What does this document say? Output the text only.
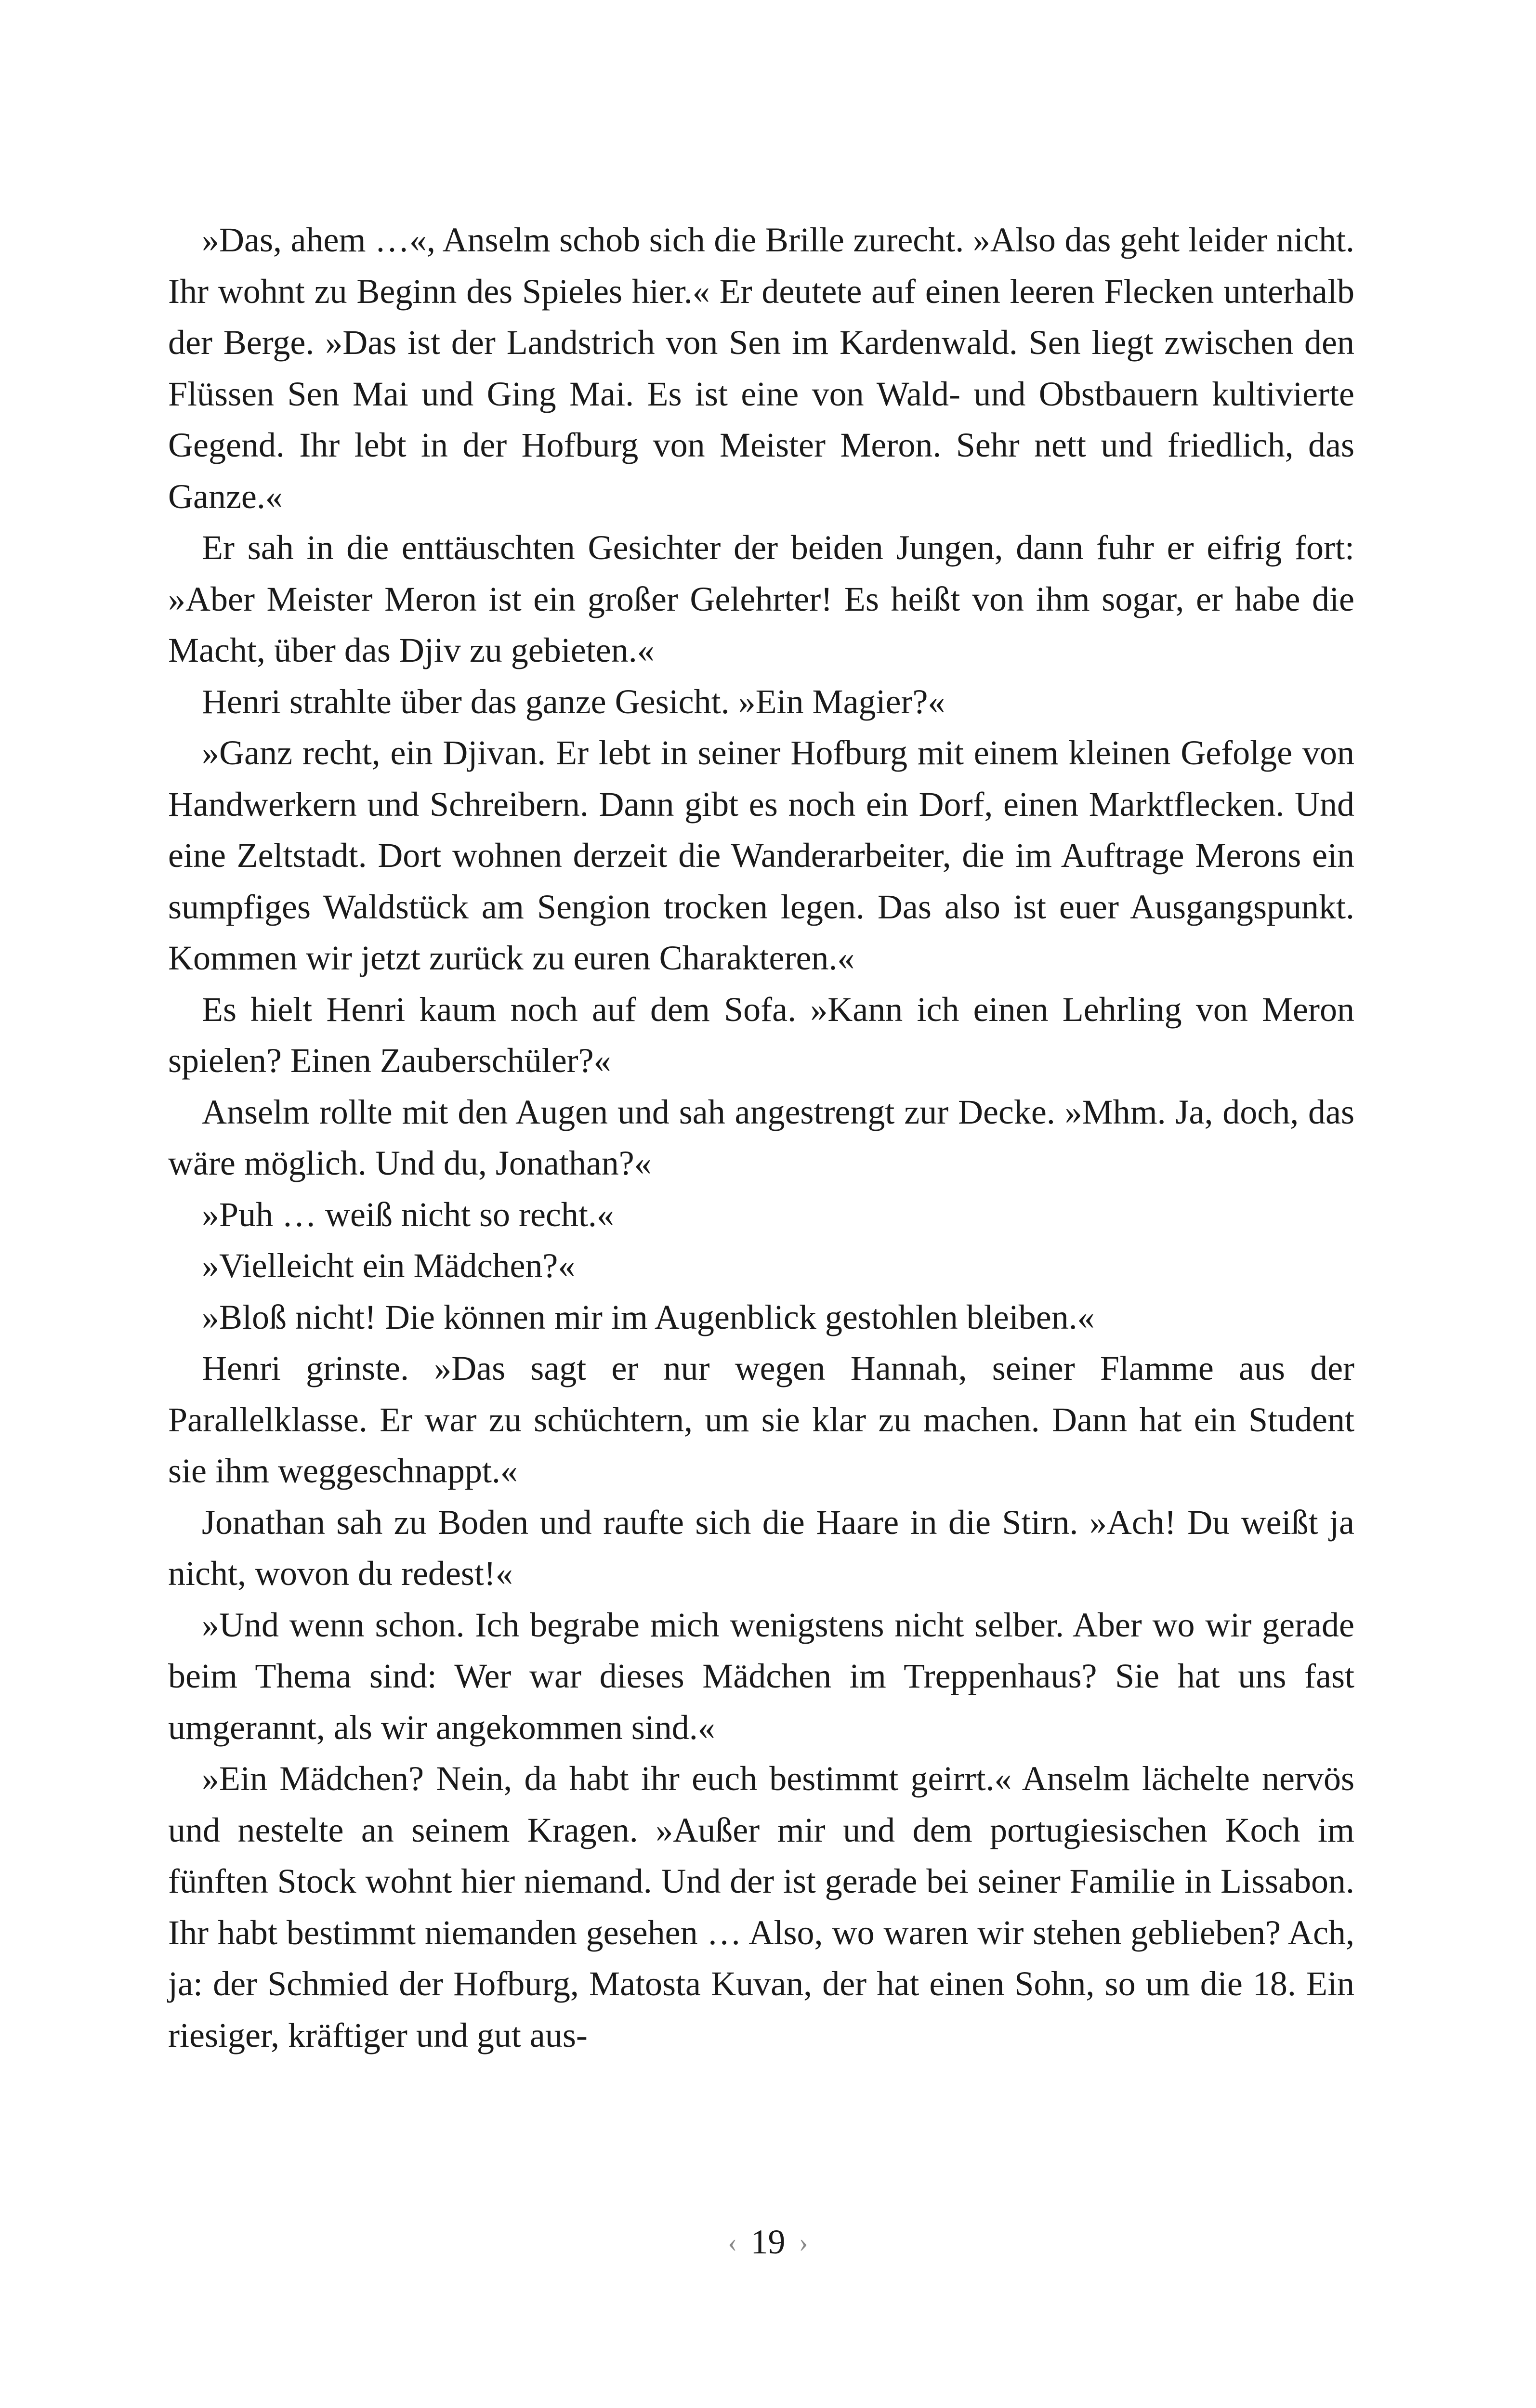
»Das, ahem …«, Anselm schob sich die Brille zurecht. »Also das geht leider nicht. Ihr wohnt zu Beginn des Spieles hier.« Er deutete auf einen leeren Flecken unterhalb der Berge. »Das ist der Landstrich von Sen im Kardenwald. Sen liegt zwischen den Flüssen Sen Mai und Ging Mai. Es ist eine von Wald- und Obstbauern kultivierte Gegend. Ihr lebt in der Hofburg von Meister Meron. Sehr nett und friedlich, das Ganze.«

Er sah in die enttäuschten Gesichter der beiden Jungen, dann fuhr er eifrig fort: »Aber Meister Meron ist ein großer Gelehrter! Es heißt von ihm sogar, er habe die Macht, über das Djiv zu gebieten.«

Henri strahlte über das ganze Gesicht. »Ein Magier?«

»Ganz recht, ein Djivan. Er lebt in seiner Hofburg mit einem kleinen Gefolge von Handwerkern und Schreibern. Dann gibt es noch ein Dorf, einen Marktflecken. Und eine Zeltstadt. Dort wohnen derzeit die Wanderarbeiter, die im Auftrage Merons ein sumpfiges Waldstück am Sengion trocken legen. Das also ist euer Ausgangspunkt. Kommen wir jetzt zurück zu euren Charakteren.«

Es hielt Henri kaum noch auf dem Sofa. »Kann ich einen Lehrling von Meron spielen? Einen Zauberschüler?«

Anselm rollte mit den Augen und sah angestrengt zur Decke. »Mhm. Ja, doch, das wäre möglich. Und du, Jonathan?«

»Puh … weiß nicht so recht.«

»Vielleicht ein Mädchen?«

»Bloß nicht! Die können mir im Augenblick gestohlen bleiben.«

Henri grinste. »Das sagt er nur wegen Hannah, seiner Flamme aus der Parallelklasse. Er war zu schüchtern, um sie klar zu machen. Dann hat ein Student sie ihm weggeschnappt.«

Jonathan sah zu Boden und raufte sich die Haare in die Stirn. »Ach! Du weißt ja nicht, wovon du redest!«

»Und wenn schon. Ich begrabe mich wenigstens nicht selber. Aber wo wir gerade beim Thema sind: Wer war dieses Mädchen im Treppenhaus? Sie hat uns fast umgerannt, als wir angekommen sind.«

»Ein Mädchen? Nein, da habt ihr euch bestimmt geirrt.« Anselm lächelte nervös und nestelte an seinem Kragen. »Außer mir und dem portugiesischen Koch im fünften Stock wohnt hier niemand. Und der ist gerade bei seiner Familie in Lissabon. Ihr habt bestimmt niemanden gesehen … Also, wo waren wir stehen geblieben? Ach, ja: der Schmied der Hofburg, Matosta Kuvan, der hat einen Sohn, so um die 18. Ein riesiger, kräftiger und gut aus-

‹ 19 ›
